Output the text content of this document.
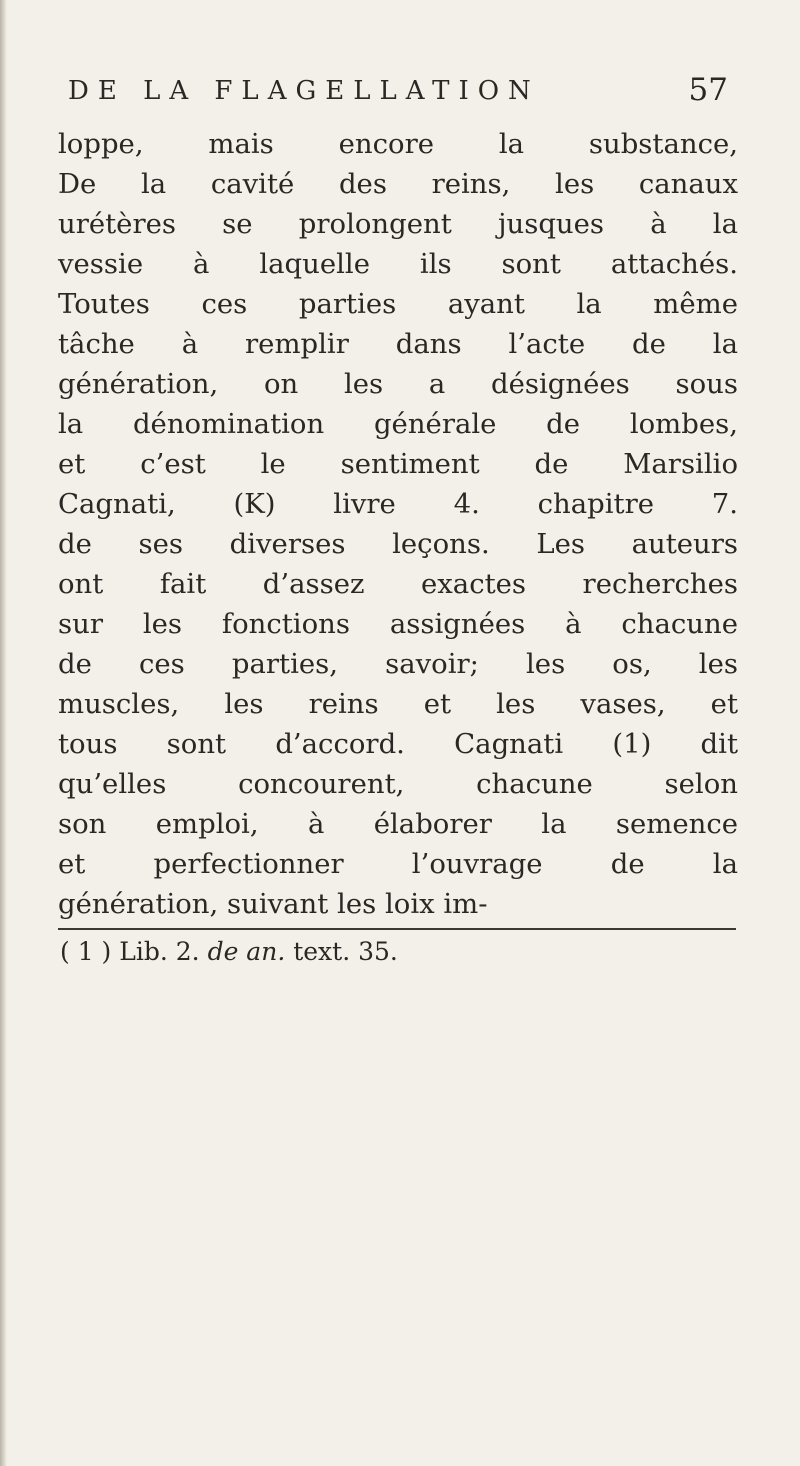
DE LA FLAGELLATION	57
loppe, mais encore la substance,
De la cavité des reins, les canaux
urétères se prolongent jusques à la
vessie à laquelle ils sont attachés.
Toutes ces parties ayant la même
tâche à remplir dans l’acte de la
génération, on les a désignées sous
la dénomination générale de lombes,
et c’est le sentiment de Marsilio
Cagnati, (K) livre 4. chapitre 7.
de ses diverses leçons. Les auteurs
ont fait d’assez exactes recherches
sur les fonctions assignées à chacune
de ces parties, savoir; les os, les
muscles, les reins et les vases, et
tous sont d’accord. Cagnati (1) dit
qu’elles concourent, chacune selon
son emploi, à élaborer la semence
et perfectionner l’ouvrage de la
génération, suivant les loix im-
( 1 ) Lib. 2. de an. text. 35.
